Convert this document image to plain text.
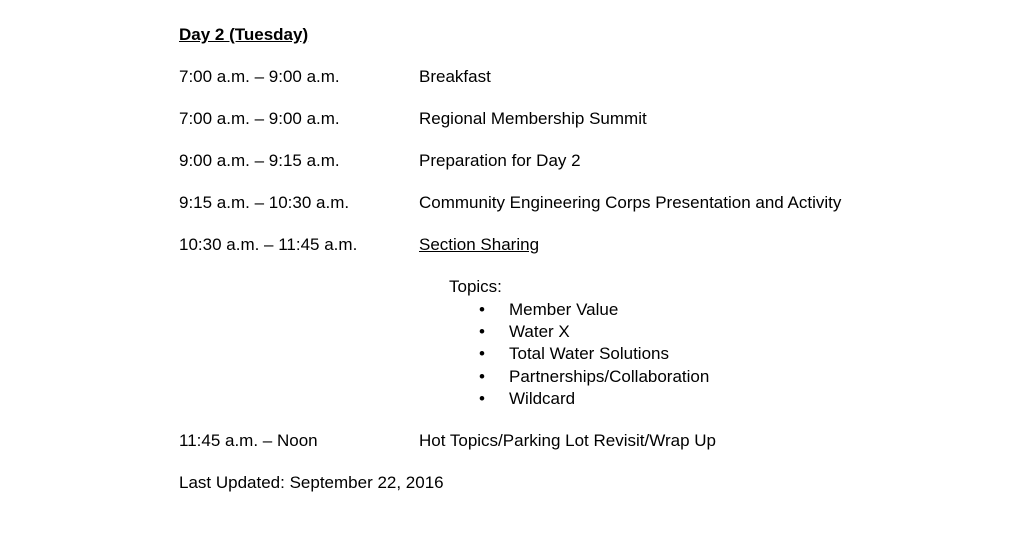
Day 2 (Tuesday)
7:00 a.m. – 9:00 a.m.	Breakfast
7:00 a.m. – 9:00 a.m.	Regional Membership Summit
9:00 a.m. – 9:15 a.m.	Preparation for Day 2
9:15 a.m. – 10:30 a.m.	Community Engineering Corps Presentation and Activity
10:30 a.m. – 11:45 a.m.	Section Sharing
Topics:
• Member Value
• Water X
• Total Water Solutions
• Partnerships/Collaboration
• Wildcard
11:45 a.m. – Noon	Hot Topics/Parking Lot Revisit/Wrap Up
Last Updated: September 22, 2016
